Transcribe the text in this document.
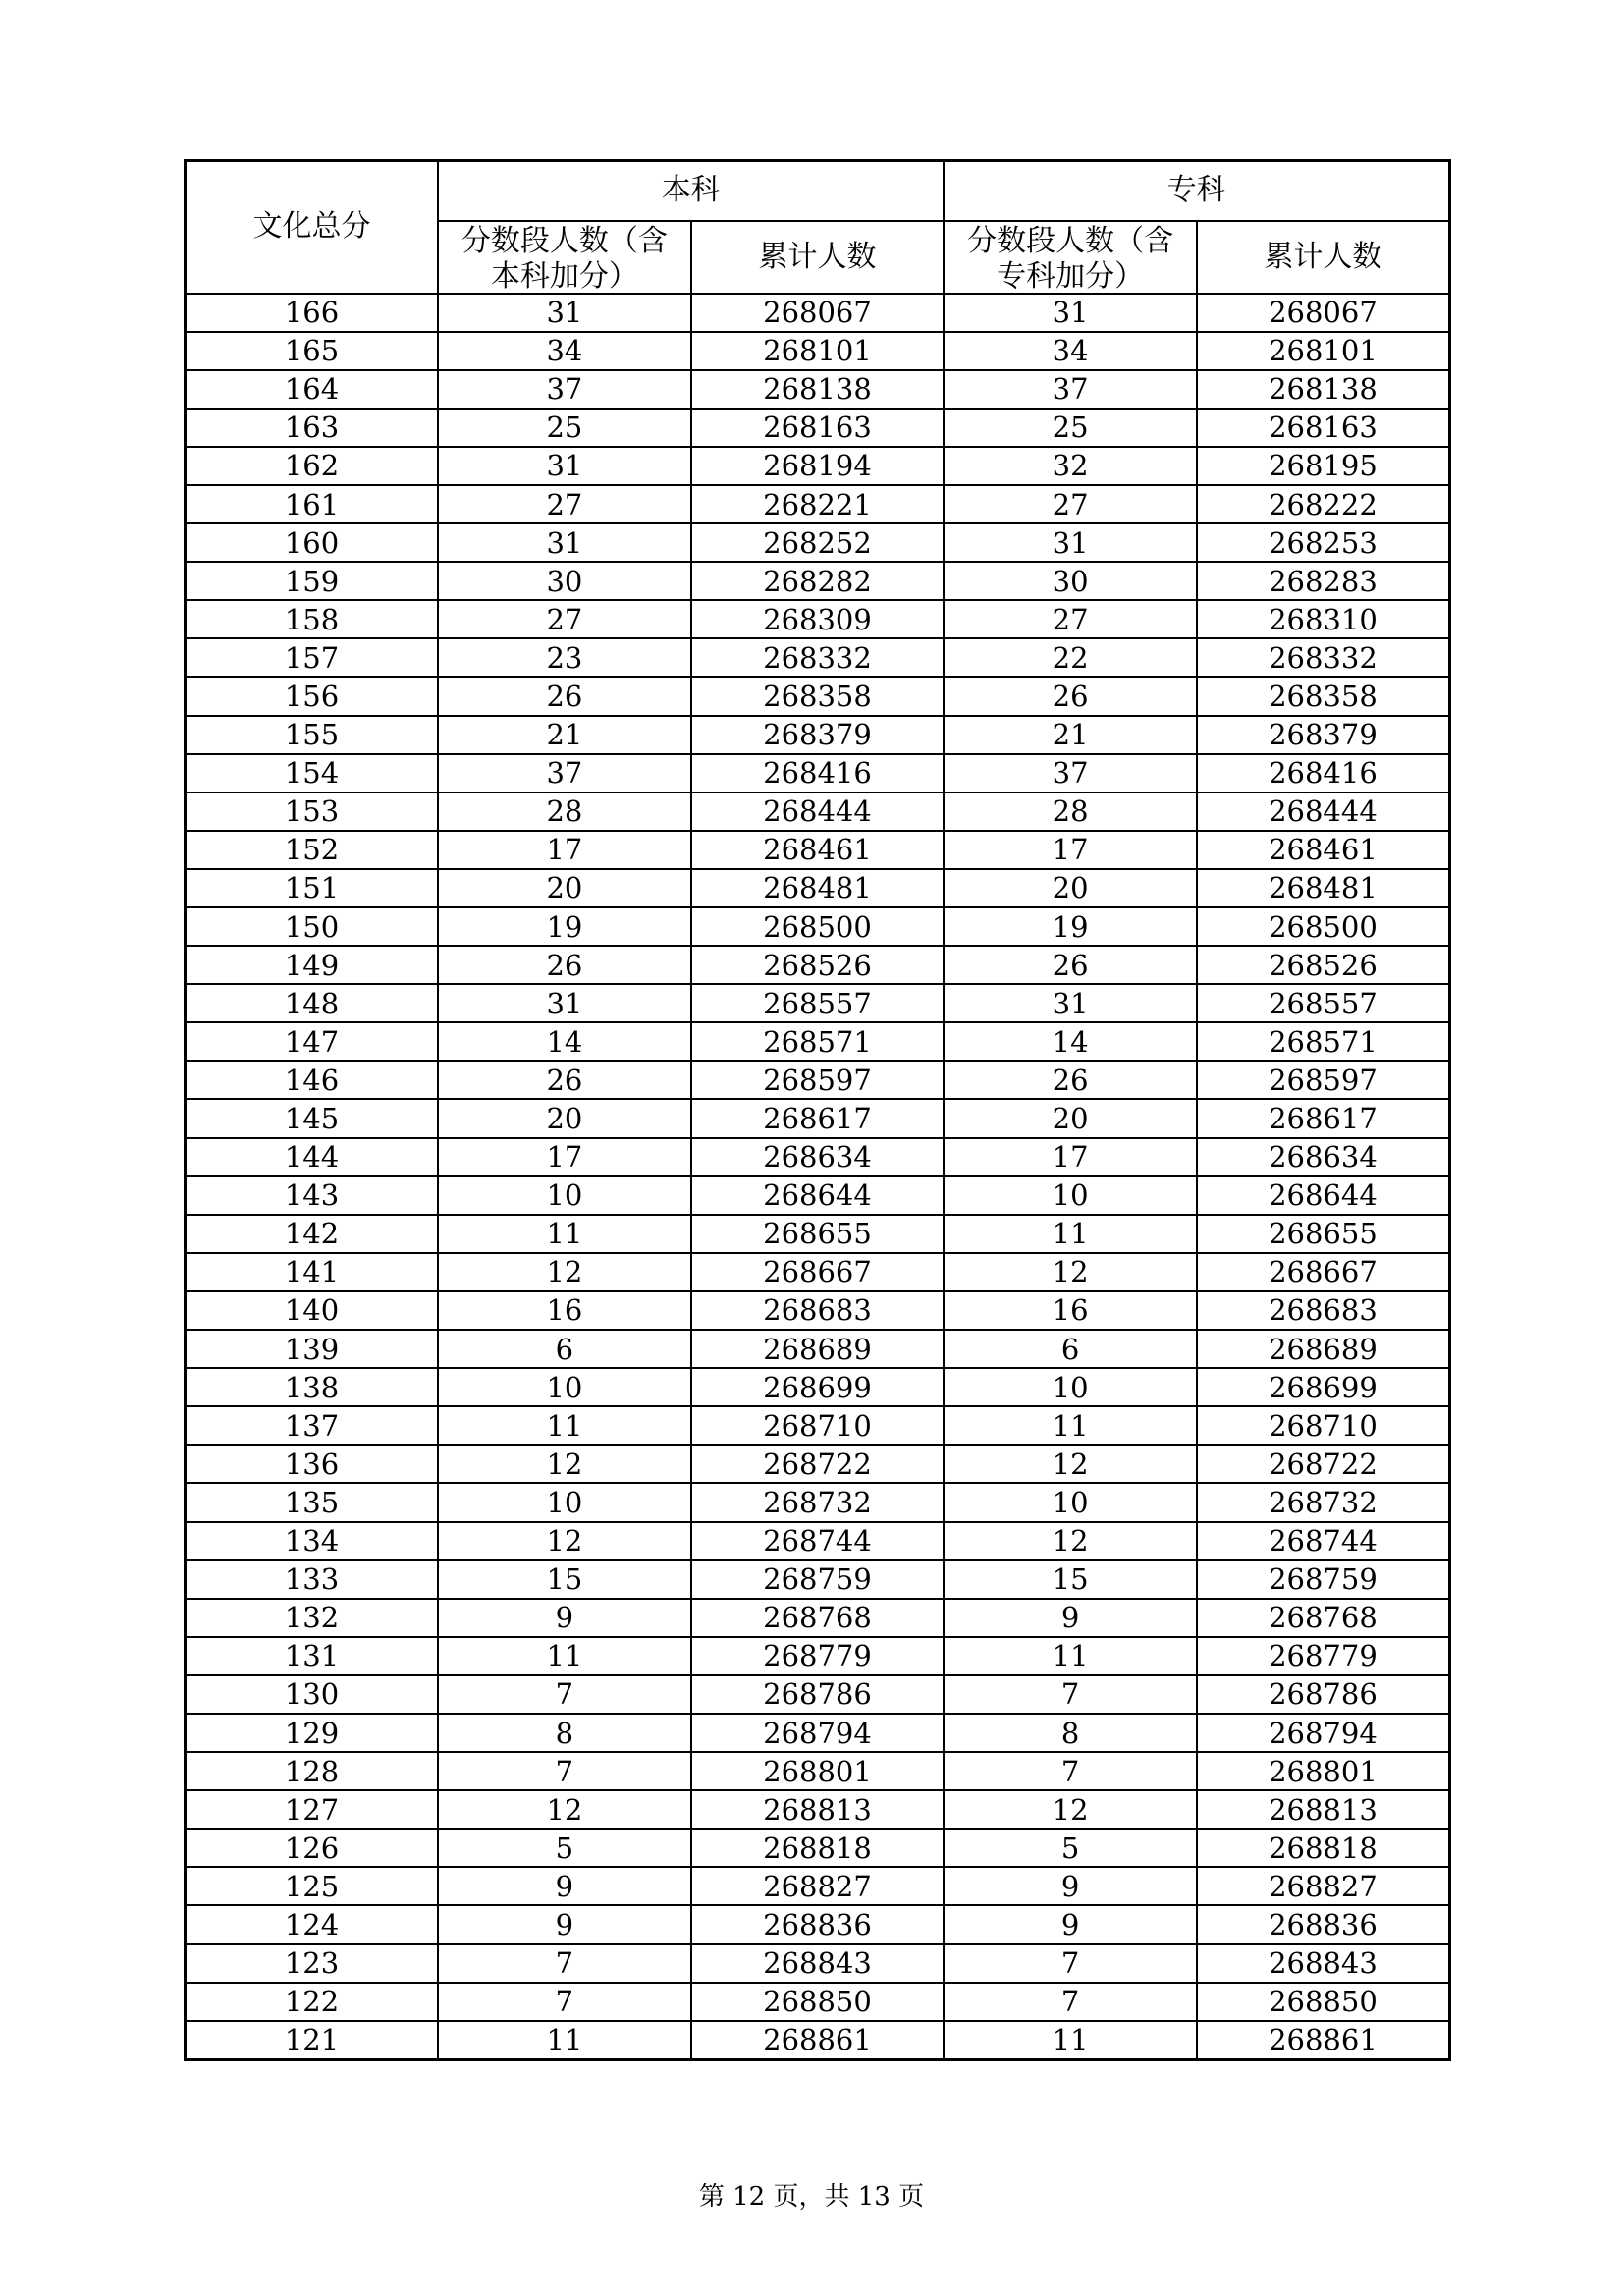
文化总分	本科		专科	

	分数段人数（含
本科加分）	累计人数	分数段人数（含
专科加分）	累计人数
166	31	268067	31	268067
165	34	268101	34	268101
164	37	268138	37	268138
163	25	268163	25	268163
162	31	268194	32	268195
161	27	268221	27	268222
160	31	268252	31	268253
159	30	268282	30	268283
158	27	268309	27	268310
157	23	268332	22	268332
156	26	268358	26	268358
155	21	268379	21	268379
154	37	268416	37	268416
153	28	268444	28	268444
152	17	268461	17	268461
151	20	268481	20	268481
150	19	268500	19	268500
149	26	268526	26	268526
148	31	268557	31	268557
147	14	268571	14	268571
146	26	268597	26	268597
145	20	268617	20	268617
144	17	268634	17	268634
143	10	268644	10	268644
142	11	268655	11	268655
141	12	268667	12	268667
140	16	268683	16	268683
139	6	268689	6	268689
138	10	268699	10	268699
137	11	268710	11	268710
136	12	268722	12	268722
135	10	268732	10	268732
134	12	268744	12	268744
133	15	268759	15	268759
132	9	268768	9	268768
131	11	268779	11	268779
130	7	268786	7	268786
129	8	268794	8	268794
128	7	268801	7	268801
127	12	268813	12	268813
126	5	268818	5	268818
125	9	268827	9	268827
124	9	268836	9	268836
123	7	268843	7	268843
122	7	268850	7	268850
121	11	268861	11	268861
第 12 页，共 13 页
